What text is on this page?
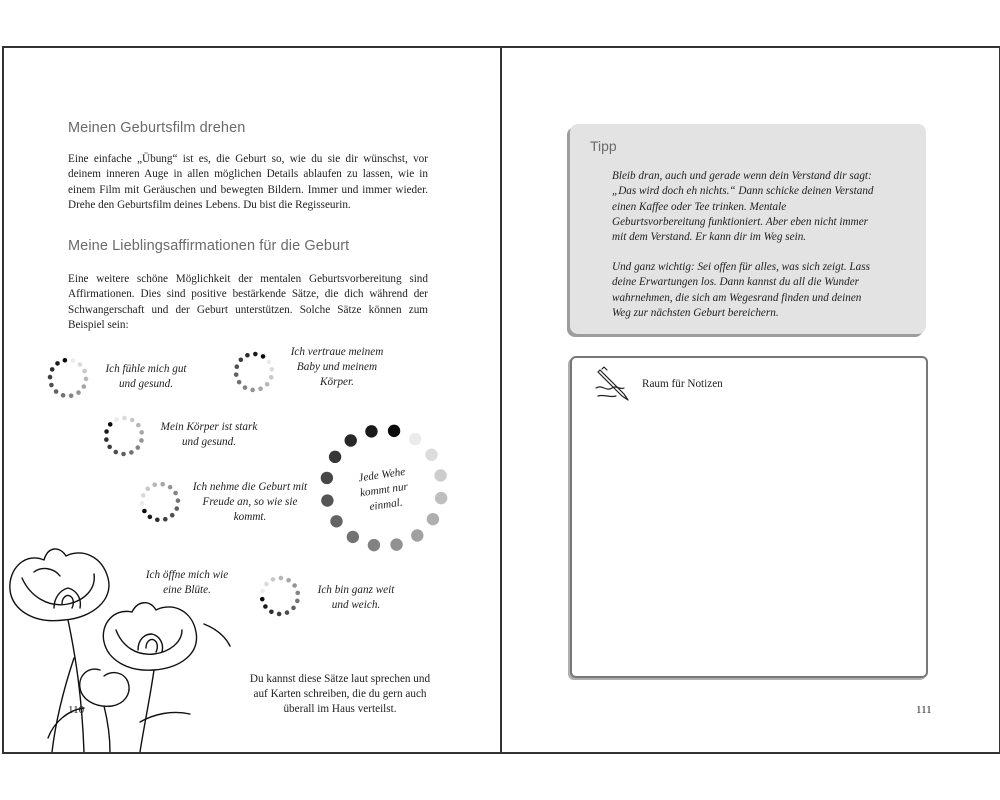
Meinen Geburtsfilm drehen

Eine einfache „Übung“ ist es, die Geburt so, wie du sie dir wünschst, vor deinem inneren Auge in allen möglichen Details ablaufen zu lassen, wie in einem Film mit Geräuschen und bewegten Bildern. Immer und immer wieder. Drehe den Geburtsfilm deines Lebens. Du bist die Regisseurin.

Meine Lieblingsaffirmationen für die Geburt

Eine weitere schöne Möglichkeit der mentalen Geburtsvorbereitung sind Affirmationen. Dies sind positive bestärkende Sätze, die dich während der Schwangerschaft und der Geburt unterstützen. Solche Sätze können zum Beispiel sein:

Ich fühle mich gut und gesund.

Ich vertraue meinem Baby und meinem Körper.

Mein Körper ist stark und gesund.

Jede Wehe kommt nur einmal.

Ich nehme die Geburt mit Freude an, so wie sie kommt.

Ich öffne mich wie eine Blüte.	Ich bin ganz weit und weich.

Du kannst diese Sätze laut sprechen und auf Karten schreiben, die du gern auch überall im Haus verteilst.

110
Tipp

Bleib dran, auch und gerade wenn dein Verstand dir sagt: „Das wird doch eh nichts.“ Dann schicke deinen Verstand einen Kaffee oder Tee trinken. Mentale Geburtsvorbereitung funktioniert. Aber eben nicht immer mit dem Verstand. Er kann dir im Weg sein.

Und ganz wichtig: Sei offen für alles, was sich zeigt. Lass deine Erwartungen los. Dann kannst du all die Wunder wahrnehmen, die sich am Wegesrand finden und deinen Weg zur nächsten Geburt bereichern.

Raum für Notizen
111
